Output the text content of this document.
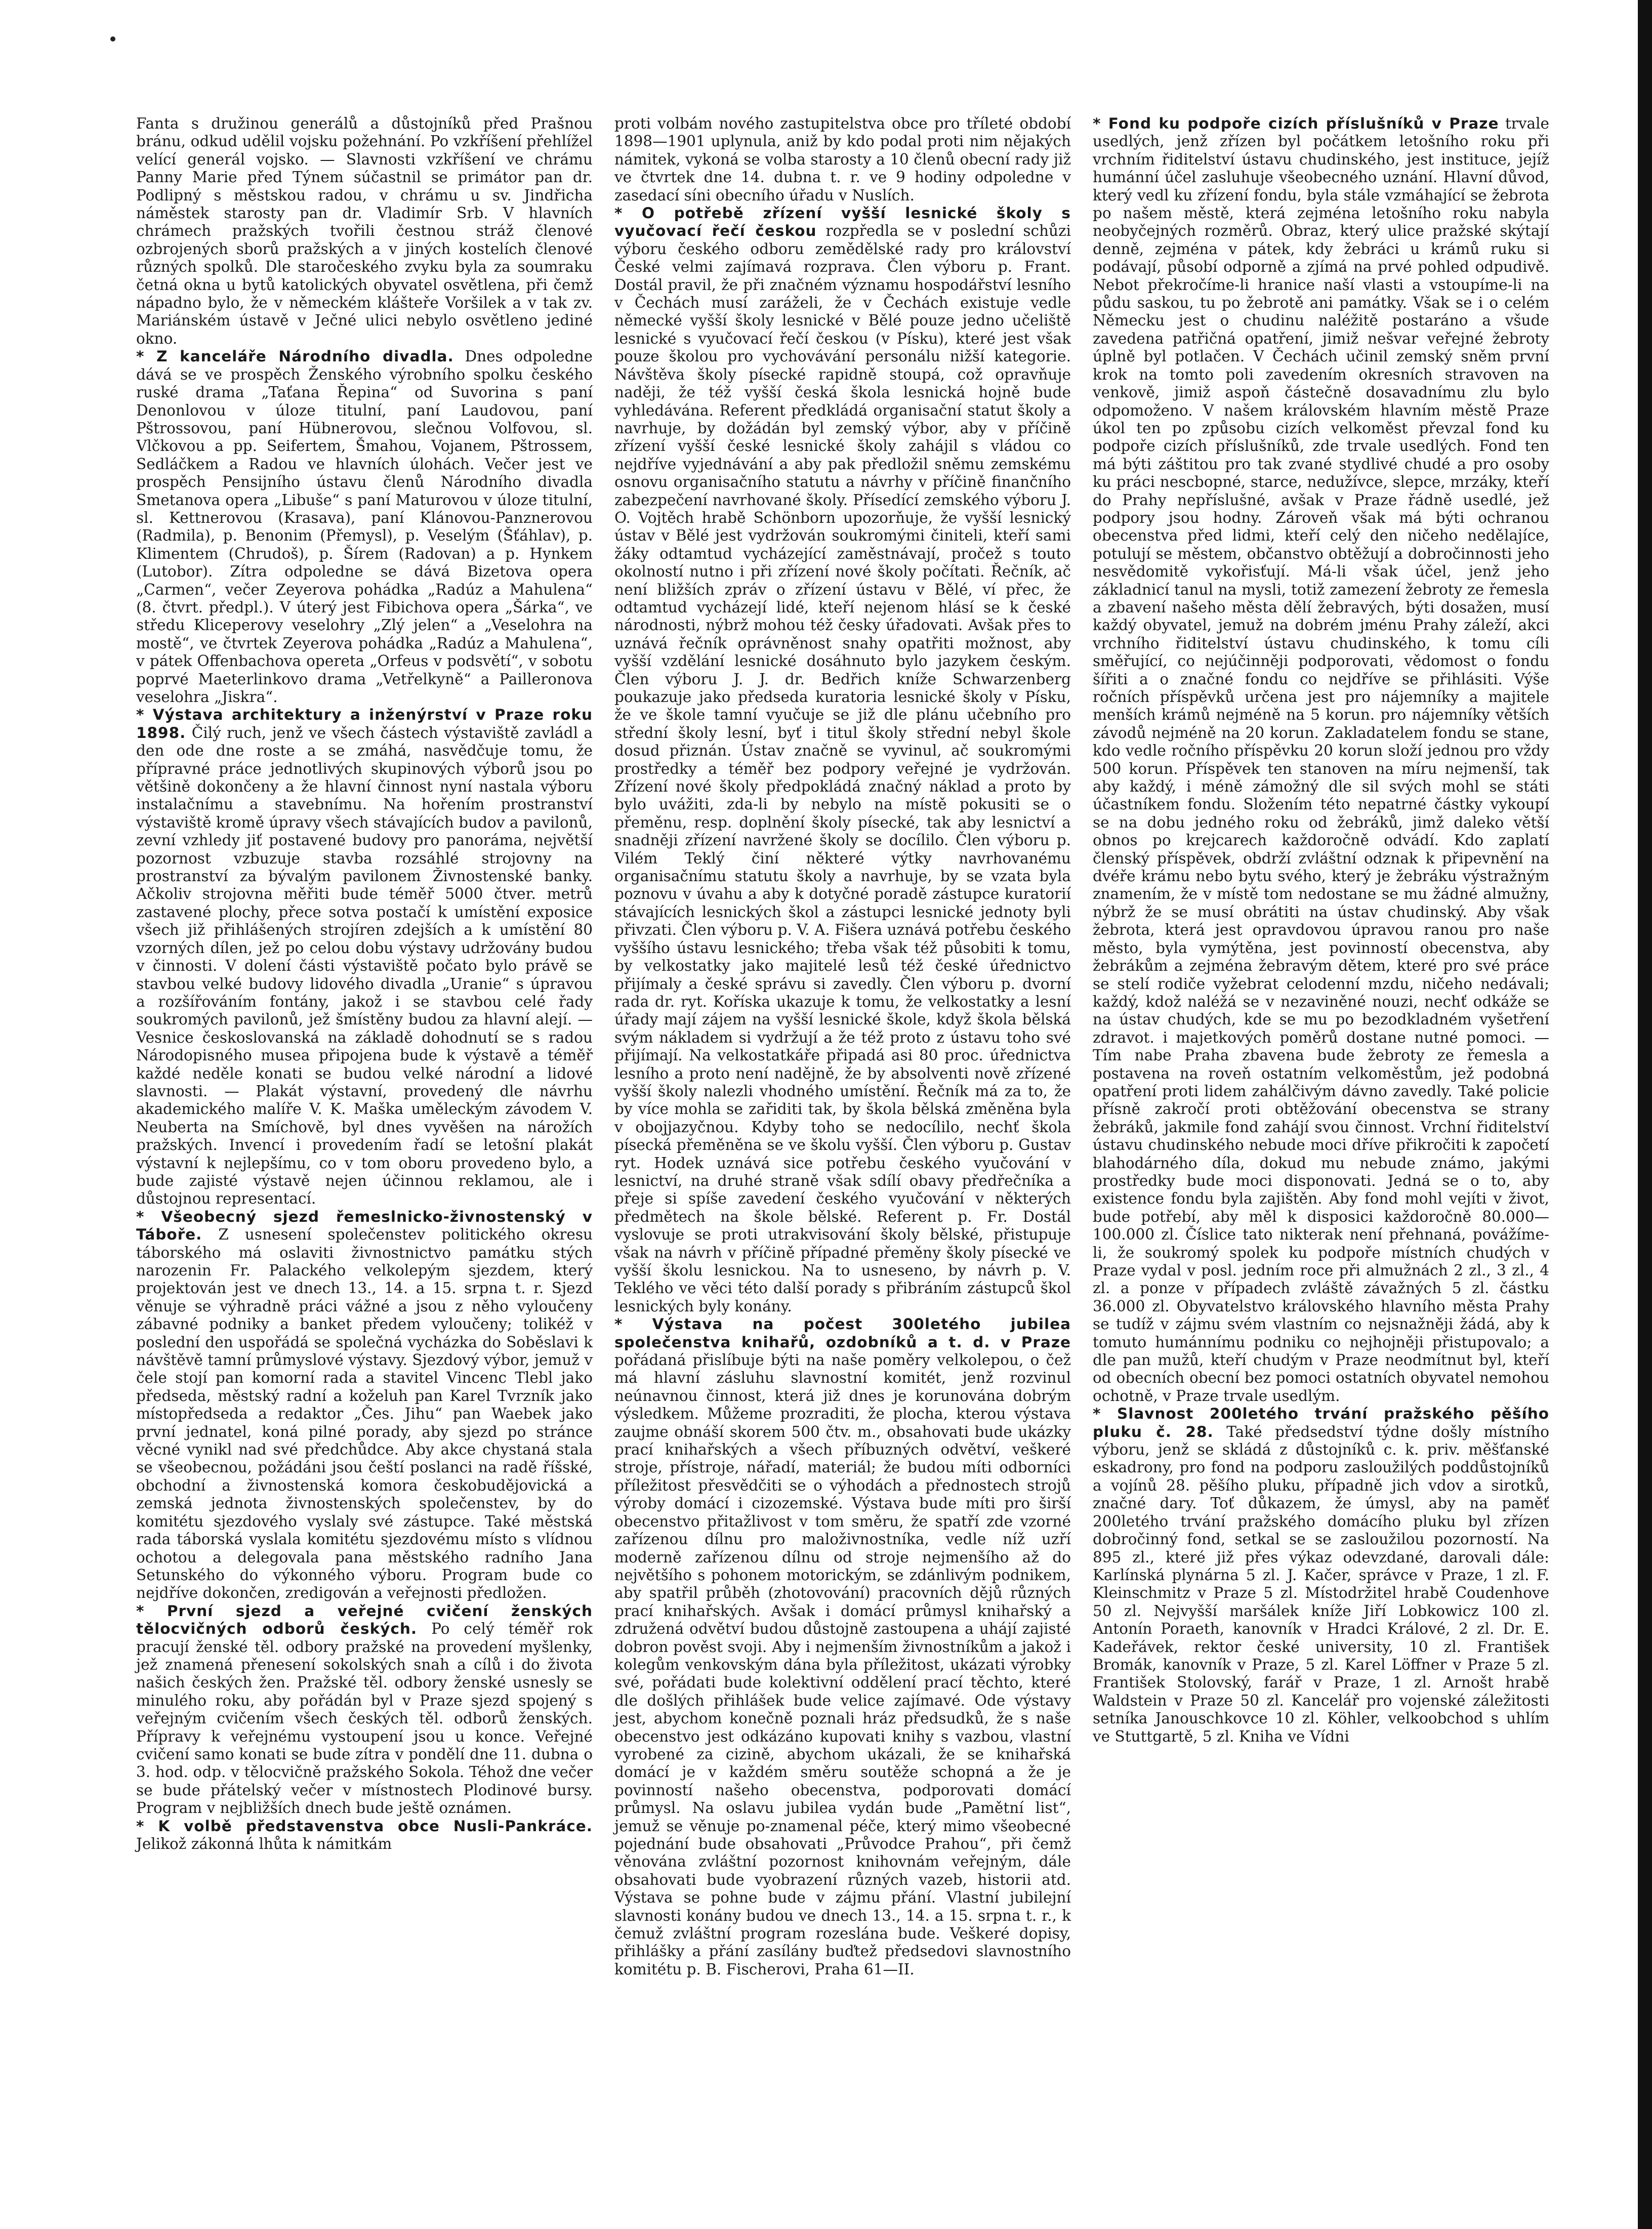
Fanta s družinou generálů a důstojníků před Prašnou bránu, odkud udělil vojsku požehnání. Po vzkříšení přehlížel velící generál vojsko. — Slavnosti vzkříšení ve chrámu Panny Marie před Týnem súčastnil se primátor pan dr. Podlipný s městskou radou, v chrámu u sv. Jindřicha náměstek starosty pan dr. Vladimír Srb. V hlavních chrámech pražských tvořili čestnou stráž členové ozbrojených sborů pražských a v jiných kostelích členové různých spolků. Dle staročeského zvyku byla za soumraku četná okna u bytů katolických obyvatel osvětlena, při čemž nápadno bylo, že v německém klášteře Voršilek a v tak zv. Mariánském ústavě v Ječné ulici nebylo osvětleno jediné okno.

* Z kanceláře Národního divadla. Dnes odpoledne dává se ve prospěch Ženského výrobního spolku českého ruské drama „Taťana Řepina“ od Suvorina s paní Denonlovou v úloze titulní, paní Laudovou, paní Pštrossovou, paní Hübnerovou, slečnou Volfovou, sl. Vlčkovou a pp. Seifertem, Šmahou, Vojanem, Pštrossem, Sedláčkem a Radou ve hlavních úlohách. Večer jest ve prospěch Pensijního ústavu členů Národního divadla Smetanova opera „Libuše“ s paní Maturovou v úloze titulní, sl. Kettnerovou (Krasava), paní Klánovou-Panznerovou (Radmila), p. Benonim (Přemysl), p. Veselým (Šťáhlav), p. Klimentem (Chrudoš), p. Šírem (Radovan) a p. Hynkem (Lutobor). Zítra odpoledne se dává Bizetova opera „Carmen“, večer Zeyerova pohádka „Radúz a Mahulena“ (8. čtvrt. předpl.). V úterý jest Fibichova opera „Šárka“, ve středu Kliceperovy veselohry „Zlý jelen“ a „Veselohra na mostě“, ve čtvrtek Zeyerova pohádka „Radúz a Mahulena“, v pátek Offenbachova opereta „Orfeus v podsvětí“, v sobotu poprvé Maeterlinkovo drama „Vetřelkyně“ a Pailleronova veselohra „Jiskra“.

* Výstava architektury a inženýrství v Praze roku 1898. Čilý ruch, jenž ve všech částech výstaviště zavládl a den ode dne roste a se zmáhá, nasvědčuje tomu, že přípravné práce jednotlivých skupinových výborů jsou po většině dokončeny a že hlavní činnost nyní nastala výboru instalačnímu a stavebnímu. Na hořením prostranství výstaviště kromě úpravy všech stávajících budov a pavilonů, zevní vzhledy jiť postavené budovy pro panoráma, největší pozornost vzbuzuje stavba rozsáhlé strojovny na prostranství za bývalým pavilonem Živnostenské banky. Ačkoliv strojovna měřiti bude téměř 5000 čtver. metrů zastavené plochy, přece sotva postačí k umístění exposice všech již přihlášených strojíren zdejších a k umístění 80 vzorných dílen, jež po celou dobu výstavy udržovány budou v činnosti. V dolení části výstaviště počato bylo právě se stavbou velké budovy lidového divadla „Uranie“ s úpravou a rozšířováním fontány, jakož i se stavbou celé řady soukromých pavilonů, jež šmístěny budou za hlavní alejí. — Vesnice českoslovanská na základě dohodnutí se s radou Národopisného musea připojena bude k výstavě a téměř každé neděle konati se budou velké národní a lidové slavnosti. — Plakát výstavní, provedený dle návrhu akademického malíře V. K. Maška uměleckým závodem V. Neuberta na Smíchově, byl dnes vyvěšen na nárožích pražských. Invencí i provedením řadí se letošní plakát výstavní k nejlepšímu, co v tom oboru provedeno bylo, a bude zajisté výstavě nejen účinnou reklamou, ale i důstojnou representací.

* Všeobecný sjezd řemeslnicko-živnostenský v Táboře. Z usnesení společenstev politického okresu táborského má oslaviti živnostnictvo památku stých narozenin Fr. Palackého velkolepým sjezdem, který projektován jest ve dnech 13., 14. a 15. srpna t. r. Sjezd věnuje se výhradně práci vážné a jsou z něho vyloučeny zábavné podniky a banket předem vyloučeny; tolikéž v poslední den uspořádá se společná vycházka do Soběslavi k návštěvě tamní průmyslové výstavy. Sjezdový výbor, jemuž v čele stojí pan komorní rada a stavitel Vincenc Tlebl jako předseda, městský radní a koželuh pan Karel Tvrzník jako místopředseda a redaktor „Čes. Jihu“ pan Waebek jako první jednatel, koná pilné porady, aby sjezd po stránce věcné vynikl nad své předchůdce. Aby akce chystaná stala se všeobecnou, požádáni jsou čeští poslanci na radě říšské, obchodní a živnostenská komora českobudějovická a zemská jednota živnostenských společenstev, by do komitétu sjezdového vyslaly své zástupce. Také městská rada táborská vyslala komitétu sjezdovému místo s vlídnou ochotou a delegovala pana městského radního Jana Setunského do výkonného výboru. Program bude co nejdříve dokončen, zredigován a veřejnosti předložen.

* První sjezd a veřejné cvičení ženských tělocvičných odborů českých. Po celý téměř rok pracují ženské těl. odbory pražské na provedení myšlenky, jež znamená přenesení sokolských snah a cílů i do života našich českých žen. Pražské těl. odbory ženské usnesly se minulého roku, aby pořádán byl v Praze sjezd spojený s veřejným cvičením všech českých těl. odborů ženských. Přípravy k veřejnému vystoupení jsou u konce. Veřejné cvičení samo konati se bude zítra v pondělí dne 11. dubna o 3. hod. odp. v tělocvičně pražského Sokola. Téhož dne večer se bude přátelský večer v místnostech Plodinové bursy. Program v nejbližších dnech bude ještě oznámen.

* K volbě představenstva obce Nusli-Pankráce. Jelikož zákonná lhůta k námitkám

proti volbám nového zastupitelstva obce pro tříleté období 1898—1901 uplynula, aniž by kdo podal proti nim nějakých námitek, vykoná se volba starosty a 10 členů obecní rady již ve čtvrtek dne 14. dubna t. r. ve 9 hodiny odpoledne v zasedací síni obecního úřadu v Nuslích.

* O potřebě zřízení vyšší lesnické školy s vyučovací řečí českou rozpředla se v poslední schůzi výboru českého odboru zemědělské rady pro království České velmi zajímavá rozprava. Člen výboru p. Frant. Dostál pravil, že při značném významu hospodářství lesního v Čechách musí zaráželi, že v Čechách existuje vedle německé vyšší školy lesnické v Bělé pouze jedno učeliště lesnické s vyučovací řečí českou (v Písku), které jest však pouze školou pro vychovávání personálu nižší kategorie. Návštěva školy písecké rapidně stoupá, což opravňuje naději, že též vyšší česká škola lesnická hojně bude vyhledávána. Referent předkládá organisační statut školy a navrhuje, by dožádán byl zemský výbor, aby v příčině zřízení vyšší české lesnické školy zahájil s vládou co nejdříve vyjednávání a aby pak předložil sněmu zemskému osnovu organisačního statutu a návrhy v příčině finančního zabezpečení navrhované školy. Přísedící zemského výboru J. O. Vojtěch hrabě Schönborn upozorňuje, že vyšší lesnický ústav v Bělé jest vydržován soukromými činiteli, kteří sami žáky odtamtud vycházející zaměstnávají, pročež s touto okolností nutno i při zřízení nové školy počítati. Řečník, ač není bližších zpráv o zřízení ústavu v Bělé, ví přec, že odtamtud vycházejí lidé, kteří nejenom hlásí se k české národnosti, nýbrž mohou též česky úřadovati. Avšak přes to uznává řečník oprávněnost snahy opatřiti možnost, aby vyšší vzdělání lesnické dosáhnuto bylo jazykem českým. Člen výboru J. J. dr. Bedřich kníže Schwarzenberg poukazuje jako předseda kuratoria lesnické školy v Písku, že ve škole tamní vyučuje se již dle plánu učebního pro střední školy lesní, byť i titul školy střední nebyl škole dosud přiznán. Ústav značně se vyvinul, ač soukromými prostředky a téměř bez podpory veřejné je vydržován. Zřízení nové školy předpokládá značný náklad a proto by bylo uvážiti, zda-li by nebylo na místě pokusiti se o přeměnu, resp. doplnění školy písecké, tak aby lesnictví a snadněji zřízení navržené školy se docílilo. Člen výboru p. Vilém Teklý činí některé výtky navrhovanému organisačnímu statutu školy a navrhuje, by se vzata byla poznovu v úvahu a aby k dotyčné poradě zástupce kuratorií stávajících lesnických škol a zástupci lesnické jednoty byli přivzati. Člen výboru p. V. A. Fišera uznává potřebu českého vyššího ústavu lesnického; třeba však též působiti k tomu, by velkostatky jako majitelé lesů též české úřednictvo přijímaly a české správu si zavedly. Člen výboru p. dvorní rada dr. ryt. Koříska ukazuje k tomu, že velkostatky a lesní úřady mají zájem na vyšší lesnické škole, když škola bělská svým nákladem si vydržují a že též proto z ústavu toho své přijímají. Na velkostatkáře připadá asi 80 proc. úřednictva lesního a proto není nadějně, že by absolventi nově zřízené vyšší školy nalezli vhodného umístění. Řečník má za to, že by více mohla se zařiditi tak, by škola bělská změněna byla v obojjazyčnou. Kdyby toho se nedocílilo, nechť škola písecká přeměněna se ve školu vyšší. Člen výboru p. Gustav ryt. Hodek uznává sice potřebu českého vyučování v lesnictví, na druhé straně však sdílí obavy předřečníka a přeje si spíše zavedení českého vyučování v některých předmětech na škole bělské. Referent p. Fr. Dostál vyslovuje se proti utrakvisování školy bělské, přistupuje však na návrh v příčině případné přeměny školy písecké ve vyšší školu lesnickou. Na to usneseno, by návrh p. V. Teklého ve věci této další porady s přibráním zástupců škol lesnických byly konány.

* Výstava na počest 300letého jubilea společenstva knihařů, ozdobníků a t. d. v Praze pořádaná přislíbuje býti na naše poměry velkolepou, o čež má hlavní zásluhu slavnostní komitét, jenž rozvinul neúnavnou činnost, která již dnes je korunována dobrým výsledkem. Můžeme prozraditi, že plocha, kterou výstava zaujme obnáší skorem 500 čtv. m., obsahovati bude ukázky prací knihařských a všech příbuzných odvětví, veškeré stroje, přístroje, nářadí, materiál; že budou míti odborníci příležitost přesvědčiti se o výhodách a přednostech strojů výroby domácí i cizozemské. Výstava bude míti pro širší obecenstvo přitažlivost v tom směru, že spatří zde vzorné zařízenou dílnu pro maloživnostníka, vedle níž uzří moderně zařízenou dílnu od stroje nejmenšího až do největšího s pohonem motorickým, se zdánlivým podnikem, aby spatřil průběh (zhotovování) pracovních dějů různých prací knihařských. Avšak i domácí průmysl knihařský a združená odvětví budou důstojně zastoupena a uhájí zajisté dobron pověst svoji. Aby i nejmenším živnostníkům a jakož i kolegům venkovským dána byla příležitost, ukázati výrobky své, pořádati bude kolektivní oddělení prací těchto, které dle došlých přihlášek bude velice zajímavé. Ode výstavy jest, abychom konečně poznali hráz předsudků, že s naše obecenstvo jest odkázáno kupovati knihy s vazbou, vlastní vyrobené za cizině, abychom ukázali, že se knihařská domácí je v každém směru soutěže schopná a že je povinností našeho obecenstva, podporovati domácí průmysl. Na oslavu jubilea vydán bude „Pamětní list“, jemuž se věnuje po-znamenal péče, který mimo všeobecné pojednání bude obsahovati „Průvodce Prahou“, při čemž věnována zvláštní pozornost knihovnám veřejným, dále obsahovati bude vyobrazení různých vazeb, historii atd. Výstava se pohne bude v zájmu přání. Vlastní jubilejní slavnosti konány budou ve dnech 13., 14. a 15. srpna t. r., k čemuž zvláštní program rozeslána bude. Veškeré dopisy, přihlášky a přání zasílány buďtež předsedovi slavnostního komitétu p. B. Fischerovi, Praha 61—II.

* Fond ku podpoře cizích příslušníků v Praze trvale usedlých, jenž zřízen byl počátkem letošního roku při vrchním řiditelství ústavu chudinského, jest instituce, jejíž humánní účel zasluhuje všeobecného uznání. Hlavní důvod, který vedl ku zřízení fondu, byla stále vzmáhající se žebrota po našem městě, která zejména letošního roku nabyla neobyčejných rozměrů. Obraz, který ulice pražské skýtají denně, zejména v pátek, kdy žebráci u krámů ruku si podávají, působí odporně a zjímá na prvé pohled odpudivě. Nebot překročíme-li hranice naší vlasti a vstoupíme-li na půdu saskou, tu po žebrotě ani památky. Však se i o celém Německu jest o chudinu naléžitě postaráno a všude zavedena patřičná opatření, jimiž nešvar veřejné žebroty úplně byl potlačen. V Čechách učinil zemský sněm první krok na tomto poli zavedením okresních stravoven na venkově, jimiž aspoň částečně dosavadnímu zlu bylo odpomoženo. V našem královském hlavním městě Praze úkol ten po způsobu cizích velkoměst převzal fond ku podpoře cizích příslušníků, zde trvale usedlých. Fond ten má býti záštitou pro tak zvané stydlivé chudé a pro osoby ku práci nescbopné, starce, nedužívce, slepce, mrzáky, kteří do Prahy nepříslušné, avšak v Praze řádně usedlé, jež podpory jsou hodny. Zároveň však má býti ochranou obecenstva před lidmi, kteří celý den ničeho nedělajíce, potulují se městem, občanstvo obtěžují a dobročinnosti jeho nesvědomitě vykořisťují. Má-li však účel, jenž jeho základnicí tanul na mysli, totiž zamezení žebroty ze řemesla a zbavení našeho města dělí žebravých, býti dosažen, musí každý obyvatel, jemuž na dobrém jménu Prahy záleží, akci vrchního řiditelství ústavu chudinského, k tomu cíli směřující, co nejúčinněji podporovati, vědomost o fondu šířiti a o značné fondu co nejdříve se přihlásiti. Výše ročních příspěvků určena jest pro nájemníky a majitele menších krámů nejméně na 5 korun. pro nájemníky větších závodů nejméně na 20 korun. Zakladatelem fondu se stane, kdo vedle ročního příspěvku 20 korun složí jednou pro vždy 500 korun. Příspěvek ten stanoven na míru nejmenší, tak aby každý, i méně zámožný dle sil svých mohl se státi účastníkem fondu. Složením této nepatrné částky vykoupí se na dobu jedného roku od žebráků, jimž daleko větší obnos po krejcarech každoročně odvádí. Kdo zaplatí členský příspěvek, obdrží zvláštní odznak k připevnění na dvéře krámu nebo bytu svého, který je žebráku výstražným znamením, že v místě tom nedostane se mu žádné almužny, nýbrž že se musí obrátiti na ústav chudinský. Aby však žebrota, která jest opravdovou úpravou ranou pro naše město, byla vymýtěna, jest povinností obecenstva, aby žebrákům a zejména žebravým dětem, které pro své práce se stelí rodiče vyžebrat celodenní mzdu, ničeho nedávali; každý, kdož naléžá se v nezaviněné nouzi, nechť odkáže se na ústav chudých, kde se mu po bezodkladném vyšetření zdravot. i majetkových poměrů dostane nutné pomoci. — Tím nabe Praha zbavena bude žebroty ze řemesla a postavena na roveň ostatním velkoměstům, jež podobná opatření proti lidem zahálčivým dávno zavedly. Také policie přísně zakročí proti obtěžování obecenstva se strany žebráků, jakmile fond zahájí svou činnost. Vrchní řiditelství ústavu chudinského nebude moci dříve přikročiti k započetí blahodárného díla, dokud mu nebude známo, jakými prostředky bude moci disponovati. Jedná se o to, aby existence fondu byla zajištěn. Aby fond mohl vejíti v život, bude potřebí, aby měl k disposici každoročně 80.000—100.000 zl. Číslice tato nikterak není přehnaná, povážíme-li, že soukromý spolek ku podpoře místních chudých v Praze vydal v posl. jedním roce při almužnách 2 zl., 3 zl., 4 zl. a ponze v případech zvláště závažných 5 zl. částku 36.000 zl. Obyvatelstvo královského hlavního města Prahy se tudíž v zájmu svém vlastním co nejsnažněji žádá, aby k tomuto humánnímu podniku co nejhojněji přistupovalo; a dle pan mužů, kteří chudým v Praze neodmítnut byl, kteří od obecních obecní bez pomoci ostatních obyvatel nemohou ochotně, v Praze trvale usedlým.

* Slavnost 200letého trvání pražského pěšího pluku č. 28. Také předsedství týdne došly místního výboru, jenž se skládá z důstojníků c. k. priv. měšťanské eskadrony, pro fond na podporu zasloužilých poddůstojníků a vojínů 28. pěšího pluku, případně jich vdov a sirotků, značné dary. Toť důkazem, že úmysl, aby na paměť 200letého trvání pražského domácího pluku byl zřízen dobročinný fond, setkal se se zasloužilou pozorností. Na 895 zl., které již přes výkaz odevzdané, darovali dále: Karlínská plynárna 5 zl. J. Kačer, správce v Praze, 1 zl. F. Kleinschmitz v Praze 5 zl. Místodržitel hrabě Coudenhove 50 zl. Nejvyšší maršálek kníže Jiří Lobkowicz 100 zl. Antonín Poraeth, kanovník v Hradci Králové, 2 zl. Dr. E. Kadeřávek, rektor české university, 10 zl. František Bromák, kanovník v Praze, 5 zl. Karel Löffner v Praze 5 zl. František Stolovský, farář v Praze, 1 zl. Arnošt hrabě Waldstein v Praze 50 zl. Kancelář pro vojenské záležitosti setníka Janouschkovce 10 zl. Köhler, velkoobchod s uhlím ve Stuttgartě, 5 zl. Kniha ve Vídni
